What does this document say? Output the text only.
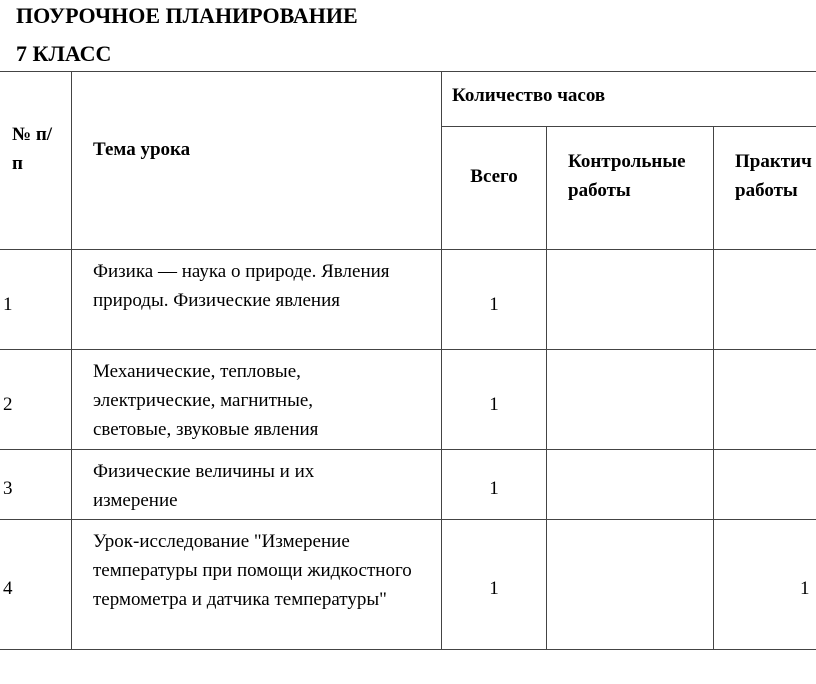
ПОУРОЧНОЕ ПЛАНИРОВАНИЕ
7 КЛАСС
№ п/п
Тема урока
Количество часов
Всего
Контрольные работы
Практич работы
1
Физика — наука о природе. Явления природы. Физические явления	1
2
Механические, тепловые, электрические, магнитные, световые, звуковые явления
1
3
Физические величины и их измерение
1
4
Урок-исследование "Измерение температуры при помощи жидкостного термометра и датчика температуры"
1	1
